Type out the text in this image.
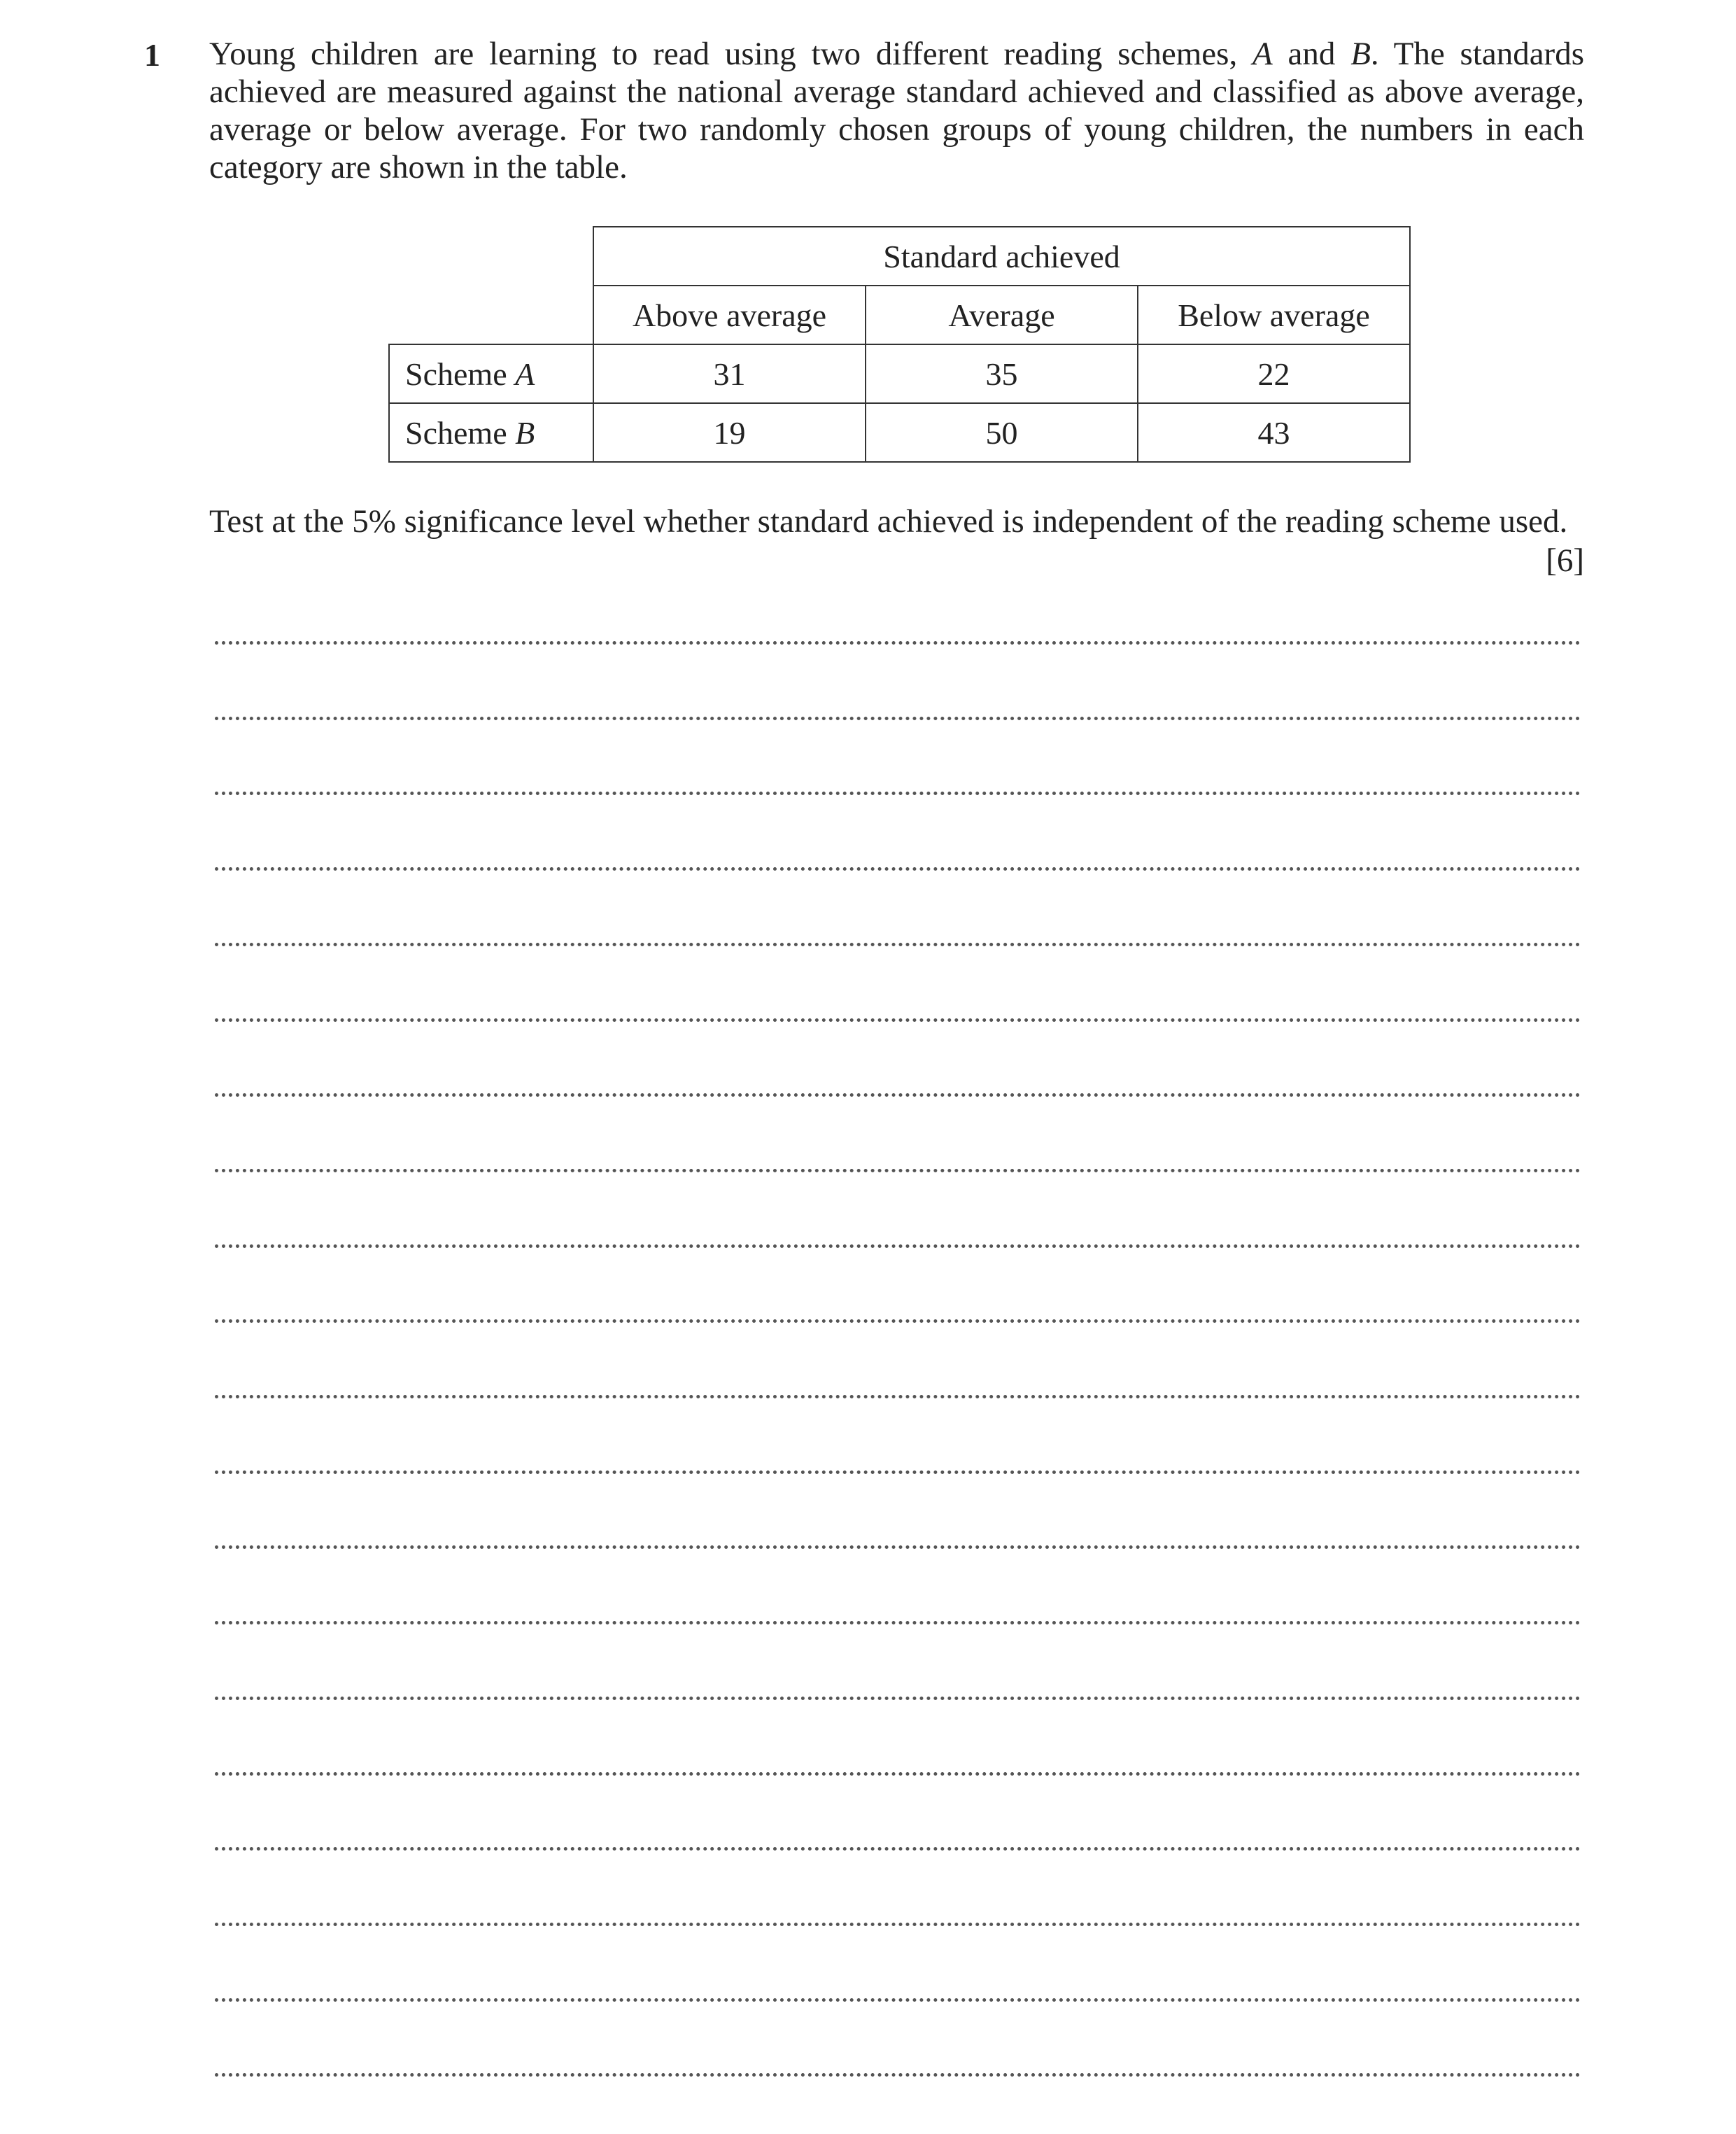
1 Young children are learning to read using two different reading schemes, A and B. The standards
achieved are measured against the national average standard achieved and classified as above average,
average or below average. For two randomly chosen groups of young children, the numbers in each
category are shown in the table.
	Standard achieved		
	Above average	Average	Below average
Scheme A	31	35	22
Scheme B	19	50	43
Test at the 5% significance level whether standard achieved is independent of the reading scheme used.
[6]
